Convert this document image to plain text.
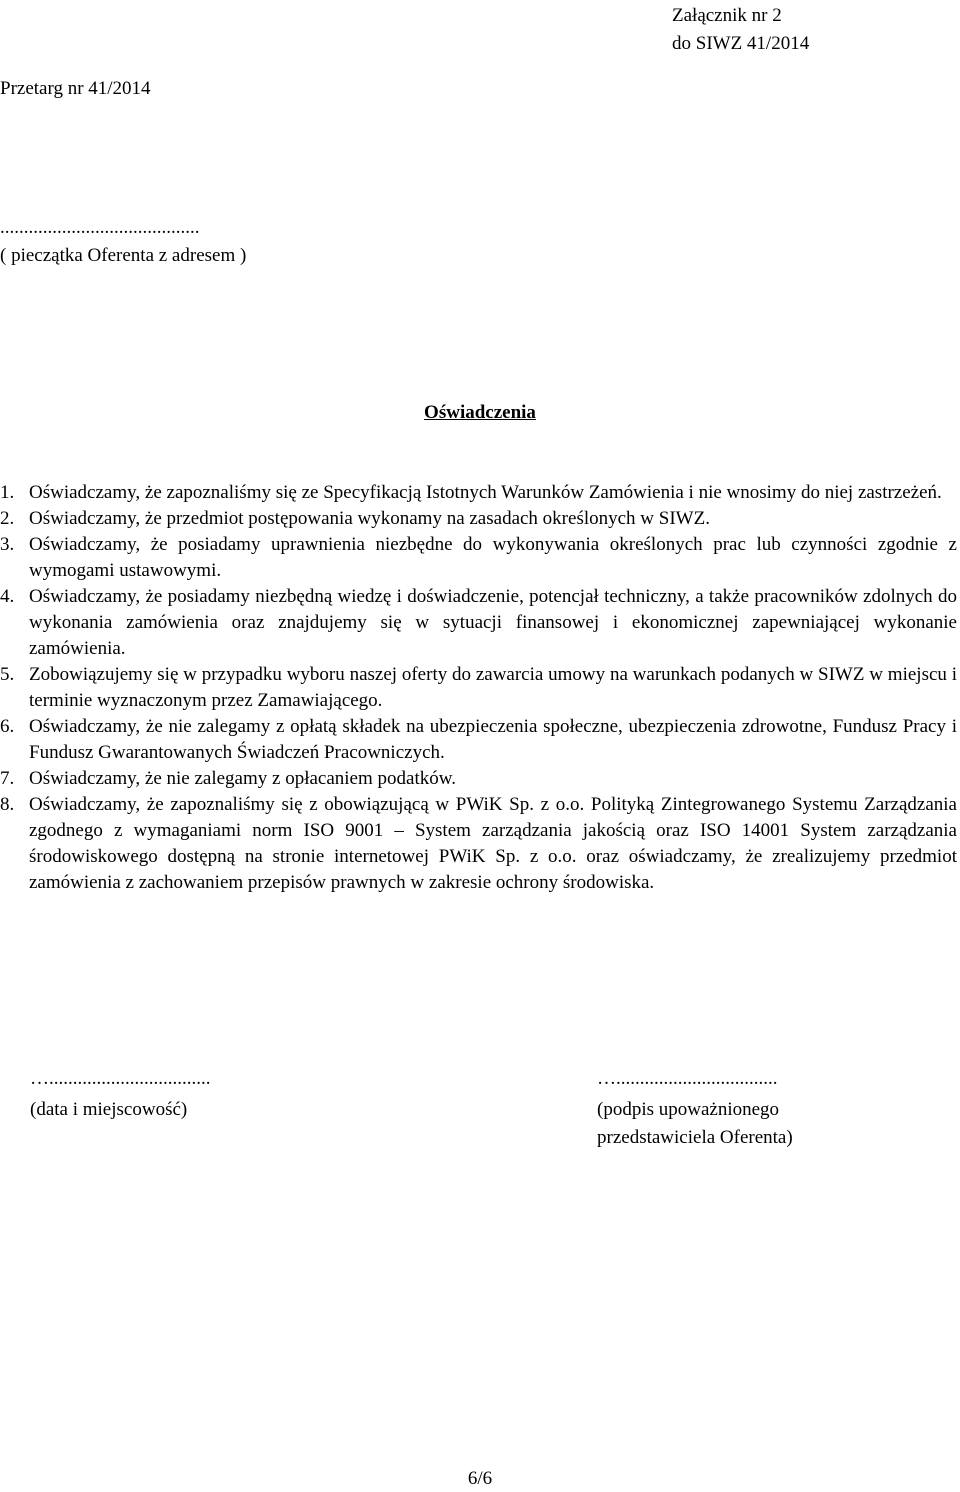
Załącznik nr 2
do SIWZ 41/2014
Przetarg nr 41/2014
..........................................
( pieczątka Oferenta z adresem )
Oświadczenia
1. Oświadczamy, że zapoznaliśmy się ze Specyfikacją Istotnych Warunków Zamówienia i nie wnosimy do niej zastrzeżeń.
2. Oświadczamy, że przedmiot postępowania wykonamy na zasadach określonych w SIWZ.
3. Oświadczamy, że posiadamy uprawnienia niezbędne do wykonywania określonych prac lub czynności zgodnie z wymogami ustawowymi.
4. Oświadczamy, że posiadamy niezbędną wiedzę i doświadczenie, potencjał techniczny, a także pracowników zdolnych do wykonania zamówienia oraz znajdujemy się w sytuacji finansowej i ekonomicznej zapewniającej wykonanie zamówienia.
5. Zobowiązujemy się w przypadku wyboru naszej oferty do zawarcia umowy na warunkach podanych w SIWZ w miejscu i terminie wyznaczonym przez Zamawiającego.
6. Oświadczamy, że nie zalegamy z opłatą składek na ubezpieczenia społeczne, ubezpieczenia zdrowotne, Fundusz Pracy i Fundusz Gwarantowanych Świadczeń Pracowniczych.
7. Oświadczamy, że nie zalegamy z opłacaniem podatków.
8. Oświadczamy, że zapoznaliśmy się z obowiązującą w PWiK Sp. z o.o. Polityką Zintegrowanego Systemu Zarządzania zgodnego z wymaganiami norm ISO 9001 – System zarządzania jakością oraz ISO 14001 System zarządzania środowiskowego dostępną na stronie internetowej PWiK Sp. z o.o. oraz oświadczamy, że zrealizujemy przedmiot zamówienia z zachowaniem przepisów prawnych w zakresie ochrony środowiska.
…..................................
(data i miejscowość)
…..................................
(podpis upoważnionego
przedstawiciela Oferenta)
6/6
